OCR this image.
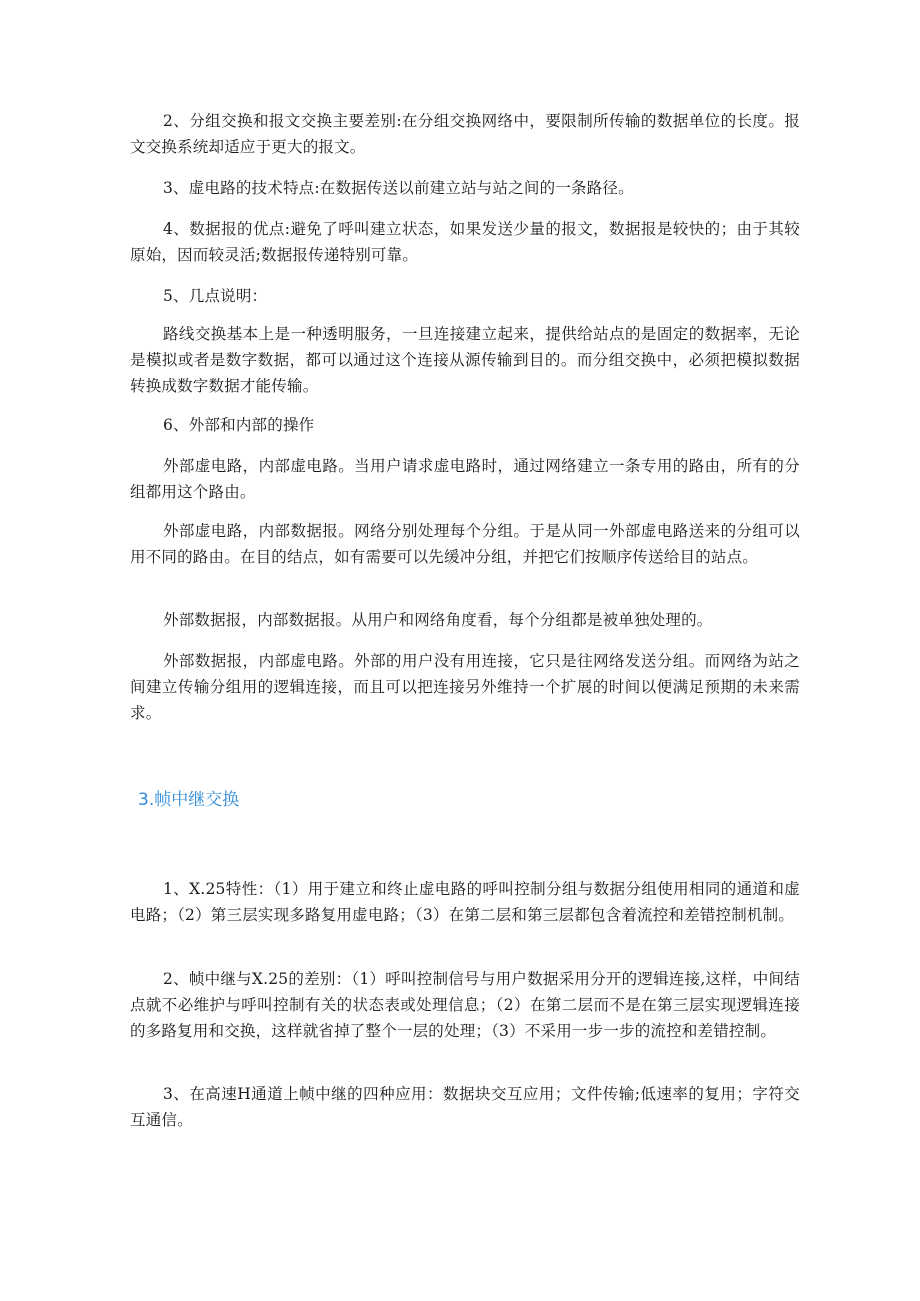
2、分组交换和报文交换主要差别:在分组交换网络中，要限制所传输的数据单位的长度。报文交换系统却适应于更大的报文。

3、虚电路的技术特点:在数据传送以前建立站与站之间的一条路径。

4、数据报的优点:避免了呼叫建立状态，如果发送少量的报文，数据报是较快的；由于其较原始，因而较灵活;数据报传递特别可靠。

5、几点说明：

路线交换基本上是一种透明服务，一旦连接建立起来，提供给站点的是固定的数据率，无论是模拟或者是数字数据，都可以通过这个连接从源传输到目的。而分组交换中，必须把模拟数据转换成数字数据才能传输。

6、外部和内部的操作

外部虚电路，内部虚电路。当用户请求虚电路时，通过网络建立一条专用的路由，所有的分组都用这个路由。

外部虚电路，内部数据报。网络分别处理每个分组。于是从同一外部虚电路送来的分组可以用不同的路由。在目的结点，如有需要可以先缓冲分组，并把它们按顺序传送给目的站点。

外部数据报，内部数据报。从用户和网络角度看，每个分组都是被单独处理的。

外部数据报，内部虚电路。外部的用户没有用连接，它只是往网络发送分组。而网络为站之间建立传输分组用的逻辑连接，而且可以把连接另外维持一个扩展的时间以便满足预期的未来需求。

3.帧中继交换

1、X.25特性：（1）用于建立和终止虚电路的呼叫控制分组与数据分组使用相同的通道和虚电路；（2）第三层实现多路复用虚电路；（3）在第二层和第三层都包含着流控和差错控制机制。

2、帧中继与X.25的差别：（1）呼叫控制信号与用户数据采用分开的逻辑连接,这样，中间结点就不必维护与呼叫控制有关的状态表或处理信息；（2）在第二层而不是在第三层实现逻辑连接的多路复用和交换，这样就省掉了整个一层的处理；（3）不采用一步一步的流控和差错控制。

3、在高速H通道上帧中继的四种应用：数据块交互应用；文件传输;低速率的复用；字符交互通信。
